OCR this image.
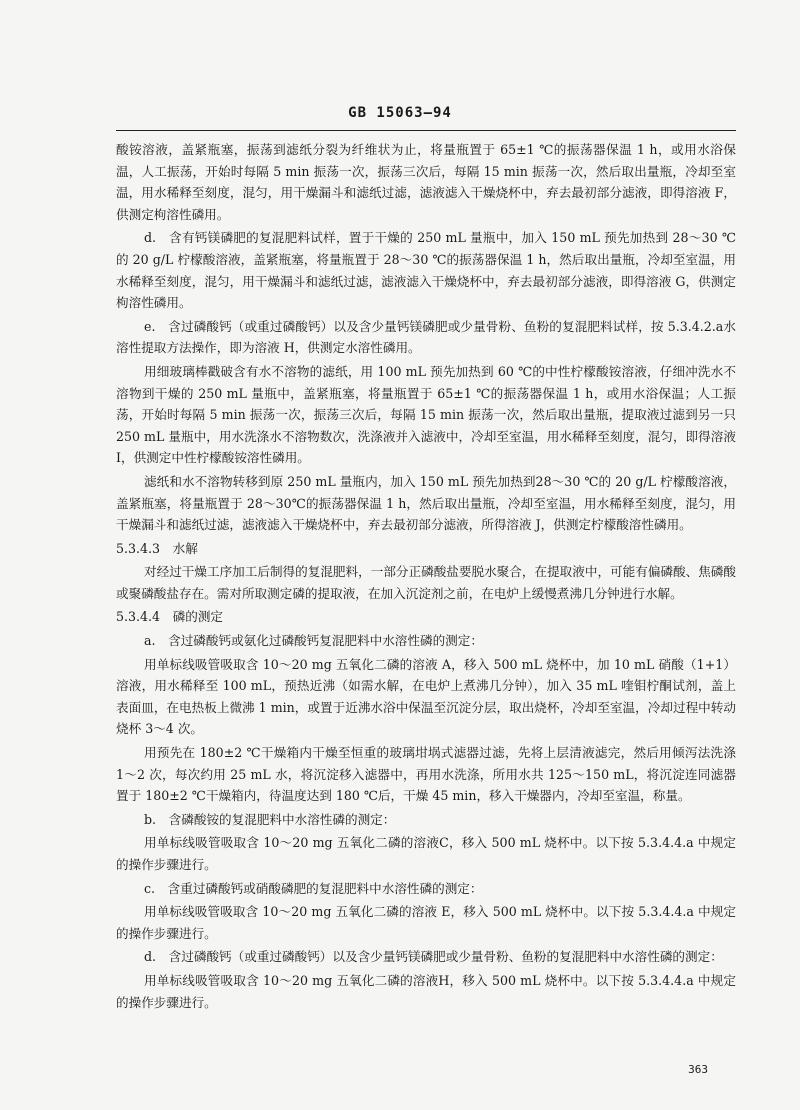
GB 15063—94

酸铵溶液，盖紧瓶塞，振荡到滤纸分裂为纤维状为止，将量瓶置于 65±1 ℃的振荡器保温 1 h，或用水浴保温，人工振荡，开始时每隔 5 min 振荡一次，振荡三次后，每隔 15 min 振荡一次，然后取出量瓶，冷却至室温，用水稀释至刻度，混匀，用干燥漏斗和滤纸过滤，滤液滤入干燥烧杯中，弃去最初部分滤液，即得溶液 F，供测定枸溶性磷用。

d.　含有钙镁磷肥的复混肥料试样，置于干燥的 250 mL 量瓶中，加入 150 mL 预先加热到 28～30 ℃的 20 g/L 柠檬酸溶液，盖紧瓶塞，将量瓶置于 28～30 ℃的振荡器保温 1 h，然后取出量瓶，冷却至室温，用水稀释至刻度，混匀，用干燥漏斗和滤纸过滤，滤液滤入干燥烧杯中，弃去最初部分滤液，即得溶液 G，供测定枸溶性磷用。

e.　含过磷酸钙（或重过磷酸钙）以及含少量钙镁磷肥或少量骨粉、鱼粉的复混肥料试样，按 5.3.4.2.a水溶性提取方法操作，即为溶液 H，供测定水溶性磷用。

用细玻璃棒戳破含有水不溶物的滤纸，用 100 mL 预先加热到 60 ℃的中性柠檬酸铵溶液，仔细冲洗水不溶物到干燥的 250 mL 量瓶中，盖紧瓶塞，将量瓶置于 65±1 ℃的振荡器保温 1 h，或用水浴保温；人工振荡，开始时每隔 5 min 振荡一次，振荡三次后，每隔 15 min 振荡一次，然后取出量瓶，提取液过滤到另一只 250 mL 量瓶中，用水洗涤水不溶物数次，洗涤液并入滤液中，冷却至室温，用水稀释至刻度，混匀，即得溶液 I，供测定中性柠檬酸铵溶性磷用。

滤纸和水不溶物转移到原 250 mL 量瓶内，加入 150 mL 预先加热到28～30 ℃的 20 g/L 柠檬酸溶液，盖紧瓶塞，将量瓶置于 28～30℃的振荡器保温 1 h，然后取出量瓶，冷却至室温，用水稀释至刻度，混匀，用干燥漏斗和滤纸过滤，滤液滤入干燥烧杯中，弃去最初部分滤液，所得溶液 J，供测定柠檬酸溶性磷用。

5.3.4.3　水解

对经过干燥工序加工后制得的复混肥料，一部分正磷酸盐要脱水聚合，在提取液中，可能有偏磷酸、焦磷酸或聚磷酸盐存在。需对所取测定磷的提取液，在加入沉淀剂之前，在电炉上缓慢煮沸几分钟进行水解。

5.3.4.4　磷的测定

a.　含过磷酸钙或氨化过磷酸钙复混肥料中水溶性磷的测定：

用单标线吸管吸取含 10～20 mg 五氧化二磷的溶液 A，移入 500 mL 烧杯中，加 10 mL 硝酸（1+1）溶液，用水稀释至 100 mL，预热近沸（如需水解，在电炉上煮沸几分钟），加入 35 mL 喹钼柠酮试剂，盖上表面皿，在电热板上微沸 1 min，或置于近沸水浴中保温至沉淀分层，取出烧杯，冷却至室温，冷却过程中转动烧杯 3～4 次。

用预先在 180±2 ℃干燥箱内干燥至恒重的玻璃坩埚式滤器过滤，先将上层清液滤完，然后用倾泻法洗涤 1～2 次，每次约用 25 mL 水，将沉淀移入滤器中，再用水洗涤，所用水共 125～150 mL，将沉淀连同滤器置于 180±2 ℃干燥箱内，待温度达到 180 ℃后，干燥 45 min，移入干燥器内，冷却至室温，称量。

b.　含磷酸铵的复混肥料中水溶性磷的测定：

用单标线吸管吸取含 10～20 mg 五氧化二磷的溶液C，移入 500 mL 烧杯中。以下按 5.3.4.4.a 中规定的操作步骤进行。

c.　含重过磷酸钙或硝酸磷肥的复混肥料中水溶性磷的测定：

用单标线吸管吸取含 10～20 mg 五氧化二磷的溶液 E，移入 500 mL 烧杯中。以下按 5.3.4.4.a 中规定的操作步骤进行。

d.　含过磷酸钙（或重过磷酸钙）以及含少量钙镁磷肥或少量骨粉、鱼粉的复混肥料中水溶性磷的测定：

用单标线吸管吸取含 10～20 mg 五氧化二磷的溶液H，移入 500 mL 烧杯中。以下按 5.3.4.4.a 中规定的操作步骤进行。

363
